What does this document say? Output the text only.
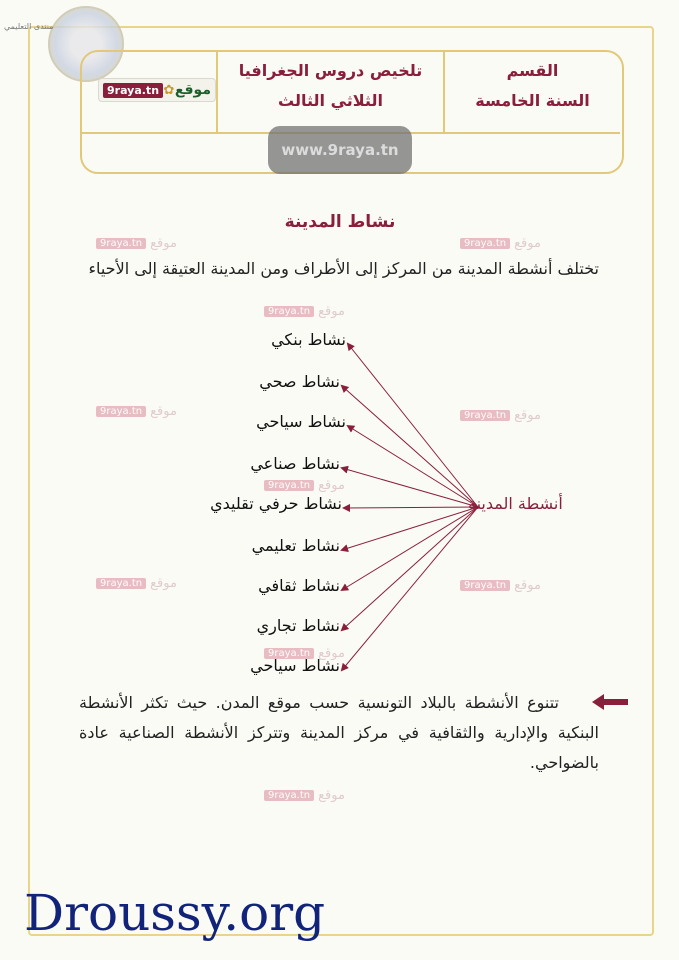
منتدى التعليمي
القسم
السنة الخامسة
تلخيص دروس الجغرافيا
الثلاثي الثالث
9raya.tn ✿ موقع
www.9raya.tn
9raya.tn موقع	9raya.tn موقع
9raya.tn موقع
9raya.tn موقع	9raya.tn موقع
9raya.tn موقع
9raya.tn موقع	9raya.tn موقع
9raya.tn موقع
9raya.tn موقع
نشاط المدينة
تختلف أنشطة المدينة من المركز إلى الأطراف ومن المدينة العتيقة إلى الأحياء
أنشطة المدينة
نشاط بنكي
نشاط صحي
نشاط سياحي
نشاط صناعي
نشاط حرفي تقليدي
نشاط تعليمي
نشاط ثقافي
نشاط تجاري
نشاط سياحي
تتنوع الأنشطة بالبلاد التونسية حسب موقع المدن. حيث تكثر الأنشطة البنكية والإدارية والثقافية في مركز المدينة وتتركز الأنشطة الصناعية عادة بالضواحي.
Droussy.org
